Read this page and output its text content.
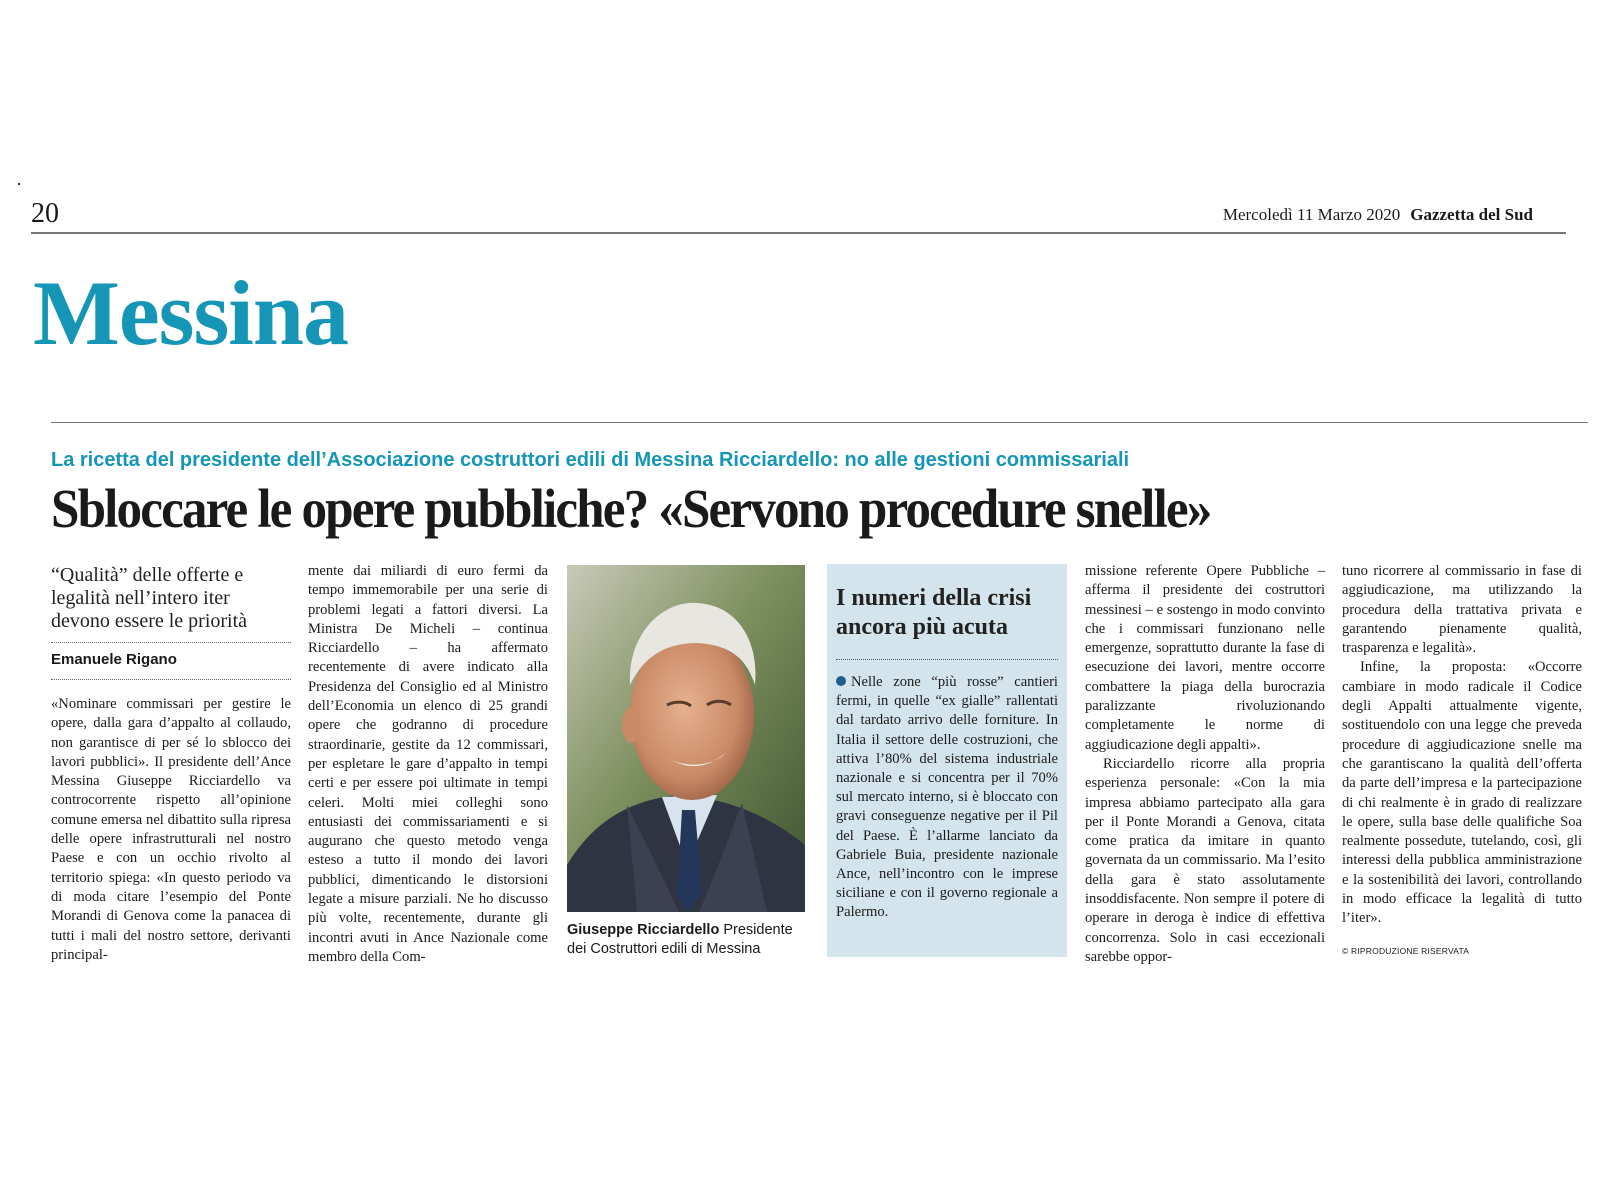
20	Mercoledì 11 Marzo 2020 Gazzetta del Sud
Messina
La ricetta del presidente dell’Associazione costruttori edili di Messina Ricciardello: no alle gestioni commissariali
Sbloccare le opere pubbliche? «Servono procedure snelle»
“Qualità” delle offerte e legalità nell’intero iter devono essere le priorità
Emanuele Rigano

«Nominare commissari per gestire le opere, dalla gara d’appalto al collaudo, non garantisce di per sé lo sblocco dei lavori pubblici». Il presidente dell’Ance Messina Giuseppe Ricciardello va controcorrente rispetto all’opinione comune emersa nel dibattito sulla ripresa delle opere infrastrutturali nel nostro Paese e con un occhio rivolto al territorio spiega: «In questo periodo va di moda citare l’esempio del Ponte Morandi di Genova come la panacea di tutti i mali del nostro settore, derivanti principal-

mente dai miliardi di euro fermi da tempo immemorabile per una serie di problemi legati a fattori diversi. La Ministra De Micheli – continua Ricciardello – ha affermato recentemente di avere indicato alla Presidenza del Consiglio ed al Ministro dell’Economia un elenco di 25 grandi opere che godranno di procedure straordinarie, gestite da 12 commissari, per espletare le gare d’appalto in tempi certi e per essere poi ultimate in tempi celeri. Molti miei colleghi sono entusiasti dei commissariamenti e si augurano che questo metodo venga esteso a tutto il mondo dei lavori pubblici, dimenticando le distorsioni legate a misure parziali. Ne ho discusso più volte, recentemente, durante gli incontri avuti in Ance Nazionale come membro della Com-

Giuseppe Ricciardello Presidente dei Costruttori edili di Messina
I numeri della crisi ancora più acuta
Nelle zone “più rosse” cantieri fermi, in quelle “ex gialle” rallentati dal tardato arrivo delle forniture. In Italia il settore delle costruzioni, che attiva l’80% del sistema industriale nazionale e si concentra per il 70% sul mercato interno, si è bloccato con gravi conseguenze negative per il Pil del Paese. È l’allarme lanciato da Gabriele Buia, presidente nazionale Ance, nell’incontro con le imprese siciliane e con il governo regionale a Palermo.

missione referente Opere Pubbliche – afferma il presidente dei costruttori messinesi – e sostengo in modo convinto che i commissari funzionano nelle emergenze, soprattutto durante la fase di esecuzione dei lavori, mentre occorre combattere la piaga della burocrazia paralizzante rivoluzionando completamente le norme di aggiudicazione degli appalti».

Ricciardello ricorre alla propria esperienza personale: «Con la mia impresa abbiamo partecipato alla gara per il Ponte Morandi a Genova, citata come pratica da imitare in quanto governata da un commissario. Ma l’esito della gara è stato assolutamente insoddisfacente. Non sempre il potere di operare in deroga è indice di effettiva concorrenza. Solo in casi eccezionali sarebbe oppor-

tuno ricorrere al commissario in fase di aggiudicazione, ma utilizzando la procedura della trattativa privata e garantendo pienamente qualità, trasparenza e legalità».

Infine, la proposta: «Occorre cambiare in modo radicale il Codice degli Appalti attualmente vigente, sostituendolo con una legge che preveda procedure di aggiudicazione snelle ma che garantiscano la qualità dell’offerta da parte dell’impresa e la partecipazione di chi realmente è in grado di realizzare le opere, sulla base delle qualifiche Soa realmente possedute, tutelando, così, gli interessi della pubblica amministrazione e la sostenibilità dei lavori, controllando in modo efficace la legalità di tutto l’iter».

© RIPRODUZIONE RISERVATA
